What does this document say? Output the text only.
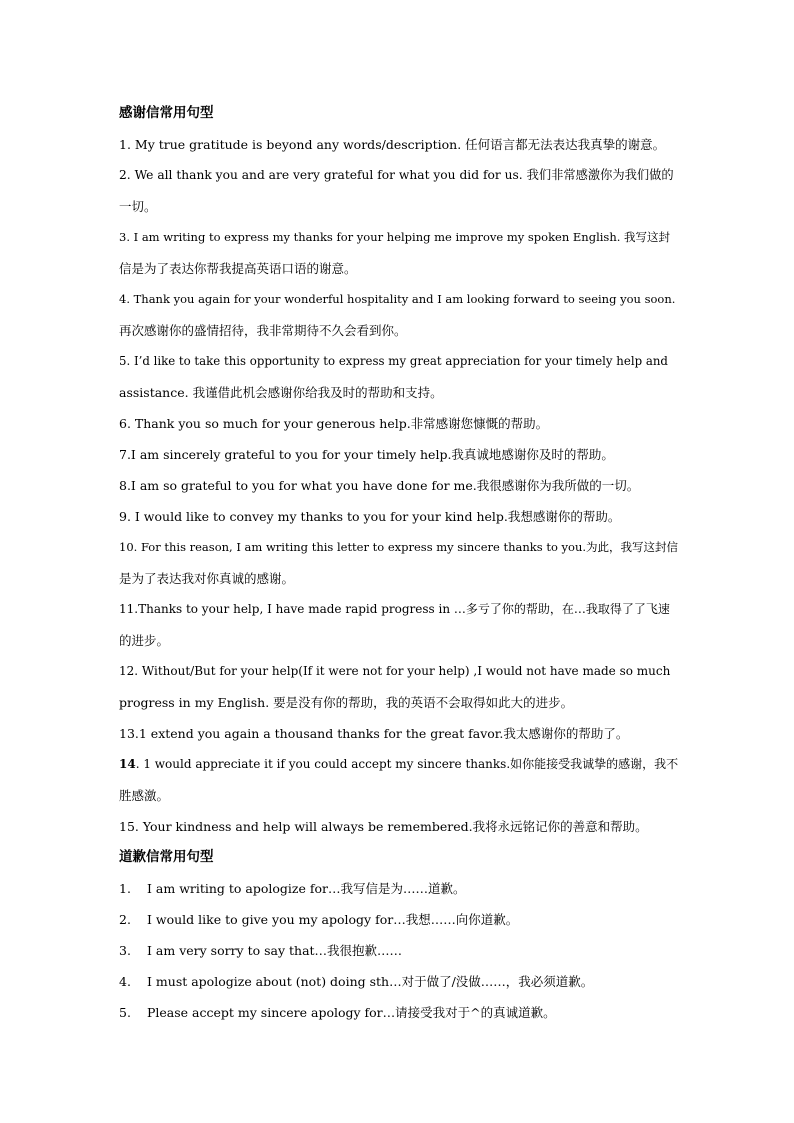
感谢信常用句型
1. My true gratitude is beyond any words/description. 任何语言都无法表达我真挚的谢意。
2. We all thank you and are very grateful for what you did for us. 我们非常感激你为我们做的
一切。
3. I am writing to express my thanks for your helping me improve my spoken English. 我写这封
信是为了表达你帮我提高英语口语的谢意。
4. Thank you again for your wonderful hospitality and I am looking forward to seeing you soon.
再次感谢你的盛情招待，我非常期待不久会看到你。
5. I’d like to take this opportunity to express my great appreciation for your timely help and
assistance. 我谨借此机会感谢你给我及时的帮助和支持。
6. Thank you so much for your generous help.非常感谢您慷慨的帮助。
7.I am sincerely grateful to you for your timely help.我真诚地感谢你及时的帮助。
8.I am so grateful to you for what you have done for me.我很感谢你为我所做的一切。
9. I would like to convey my thanks to you for your kind help.我想感谢你的帮助。
10. For this reason, I am writing this letter to express my sincere thanks to you.为此，我写这封信
是为了表达我对你真诚的感谢。
11.Thanks to your help, I have made rapid progress in …多亏了你的帮助，在…我取得了了飞速
的进步。
12. Without/But for your help(If it were not for your help) ,I would not have made so much
progress in my English. 要是没有你的帮助，我的英语不会取得如此大的进步。
13.1 extend you again a thousand thanks for the great favor.我太感谢你的帮助了。
14. 1 would appreciate it if you could accept my sincere thanks.如你能接受我诚挚的感谢，我不
胜感激。
15. Your kindness and help will always be remembered.我将永远铭记你的善意和帮助。
道歉信常用句型
1.	I am writing to apologize for…我写信是为……道歉。
2.	I would like to give you my apology for…我想……向你道歉。
3.	I am very sorry to say that…我很抱歉……
4.	I must apologize about (not) doing sth…对于做了/没做……，我必须道歉。
5.	Please accept my sincere apology for…请接受我对于^的真诚道歉。
